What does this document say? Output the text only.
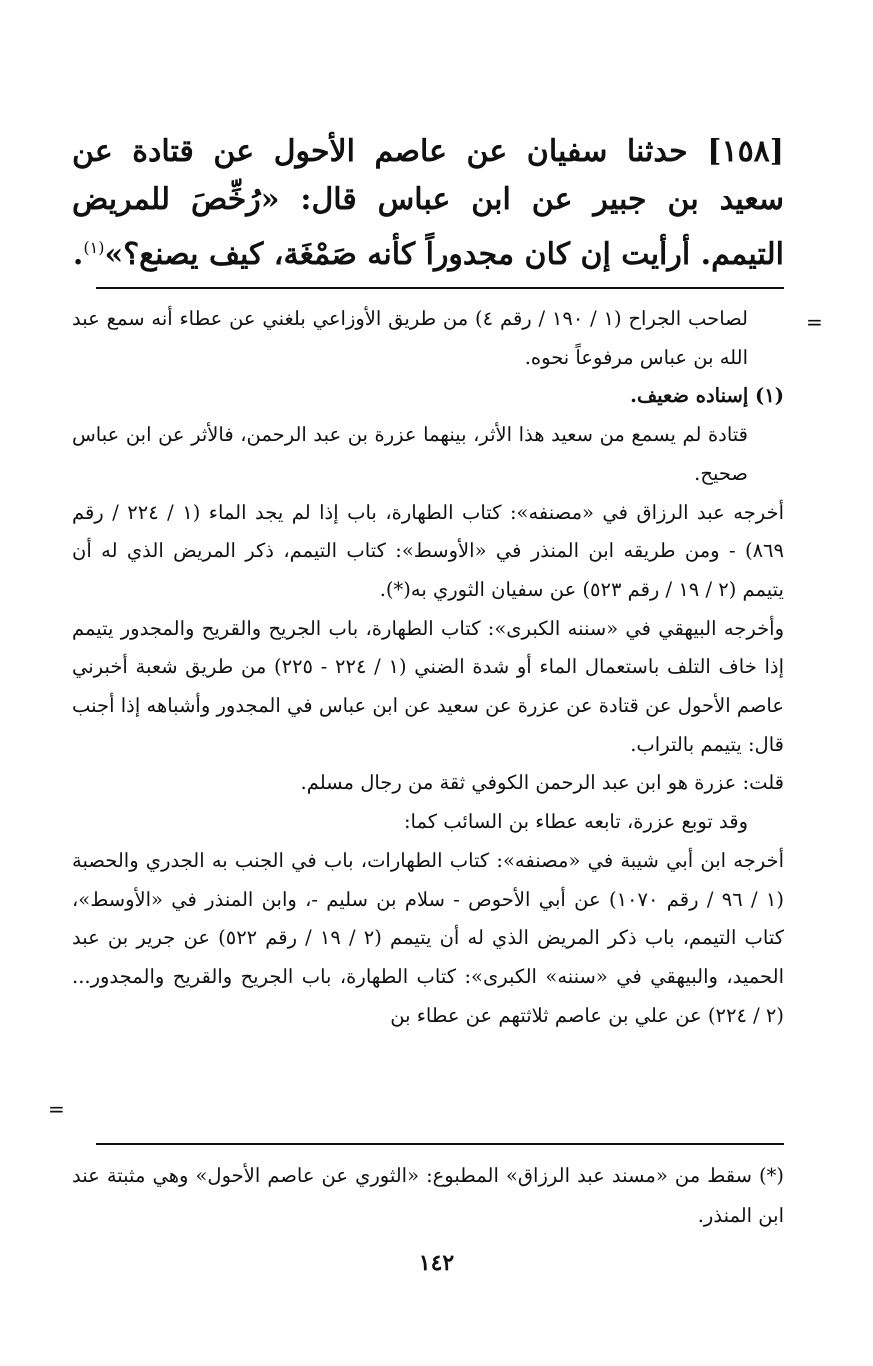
[١٥٨] حدثنا سفيان عن عاصم الأحول عن قتادة عن سعيد بن جبير عن ابن عباس قال: «رُخِّصَ للمريض التيمم. أرأيت إن كان مجدوراً كأنه صَمْغَة، كيف يصنع؟»$^{(١)}$.
=

لصاحب الجراح (١ / ١٩٠ / رقم ٤) من طريق الأوزاعي بلغني عن عطاء أنه سمع عبد الله بن عباس مرفوعاً نحوه.

(١) إسناده ضعيف.

قتادة لم يسمع من سعيد هذا الأثر، بينهما عزرة بن عبد الرحمن، فالأثر عن ابن عباس صحيح.

أخرجه عبد الرزاق في «مصنفه»: كتاب الطهارة، باب إذا لم يجد الماء (١ / ٢٢٤ / رقم ٨٦٩) - ومن طريقه ابن المنذر في «الأوسط»: كتاب التيمم، ذكر المريض الذي له أن يتيمم (٢ / ١٩ / رقم ٥٢٣) عن سفيان الثوري به(*).

وأخرجه البيهقي في «سننه الكبرى»: كتاب الطهارة، باب الجريح والقريح والمجدور يتيمم إذا خاف التلف باستعمال الماء أو شدة الضني (١ / ٢٢٤ - ٢٢٥) من طريق شعبة أخبرني عاصم الأحول عن قتادة عن عزرة عن سعيد عن ابن عباس في المجدور وأشباهه إذا أجنب قال: يتيمم بالتراب.

قلت: عزرة هو ابن عبد الرحمن الكوفي ثقة من رجال مسلم.

وقد توبع عزرة، تابعه عطاء بن السائب كما:

أخرجه ابن أبي شيبة في «مصنفه»: كتاب الطهارات، باب في الجنب به الجدري والحصبة (١ / ٩٦ / رقم ١٠٧٠) عن أبي الأحوص - سلام بن سليم -، وابن المنذر في «الأوسط»، كتاب التيمم، باب ذكر المريض الذي له أن يتيمم (٢ / ١٩ / رقم ٥٢٢) عن جرير بن عبد الحميد، والبيهقي في «سننه» الكبرى»: كتاب الطهارة، باب الجريح والقريح والمجدور... (٢ / ٢٢٤) عن علي بن عاصم ثلاثتهم عن عطاء بن

=

(*) سقط من «مسند عبد الرزاق» المطبوع: «الثوري عن عاصم الأحول» وهي مثبتة عند ابن المنذر.

١٤٢
